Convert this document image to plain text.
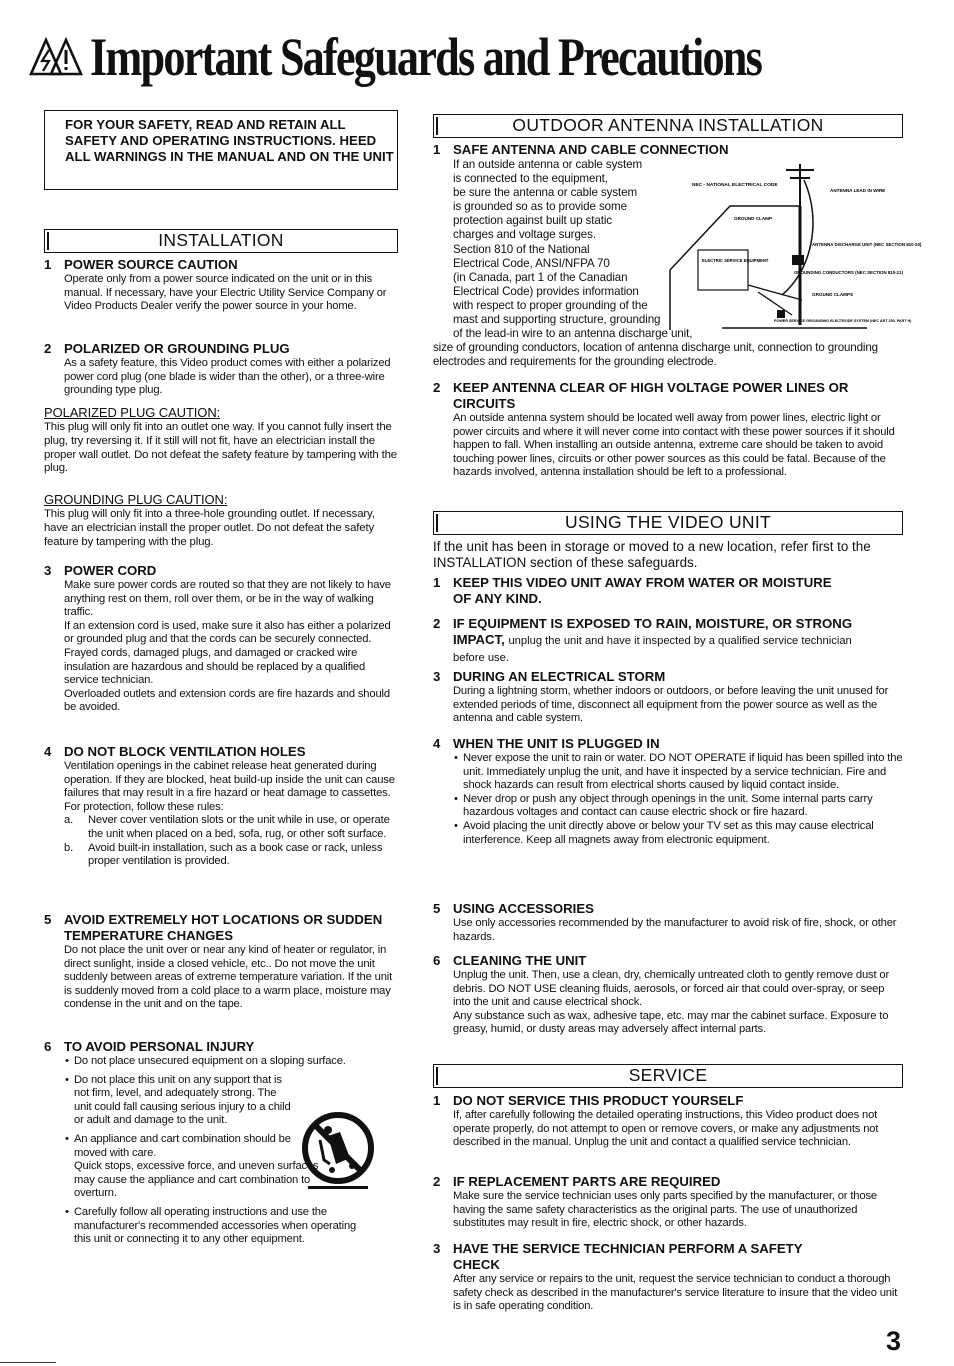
Important Safeguards and Precautions
FOR YOUR SAFETY, READ AND RETAIN ALL SAFETY AND OPERATING INSTRUCTIONS. HEED ALL WARNINGS IN THE MANUAL AND ON THE UNIT
INSTALLATION
1 POWER SOURCE CAUTION

Operate only from a power source indicated on the unit or in this manual. If necessary, have your Electric Utility Service Company or Video Products Dealer verify the power source in your home.

2 POLARIZED OR GROUNDING PLUG

As a safety feature, this Video product comes with either a polarized power cord plug (one blade is wider than the other), or a three-wire grounding type plug.

POLARIZED PLUG CAUTION:

This plug will only fit into an outlet one way. If you cannot fully insert the plug, try reversing it. If it still will not fit, have an electrician install the proper wall outlet. Do not defeat the safety feature by tampering with the plug.

GROUNDING PLUG CAUTION:

This plug will only fit into a three-hole grounding outlet. If necessary, have an electrician install the proper outlet. Do not defeat the safety feature by tampering with the plug.

3 POWER CORD

Make sure power cords are routed so that they are not likely to have anything rest on them, roll over them, or be in the way of walking traffic.

If an extension cord is used, make sure it also has either a polarized or grounded plug and that the cords can be securely connected.

Frayed cords, damaged plugs, and damaged or cracked wire insulation are hazardous and should be replaced by a qualified service technician.

Overloaded outlets and extension cords are fire hazards and should be avoided.

4 DO NOT BLOCK VENTILATION HOLES

Ventilation openings in the cabinet release heat generated during operation. If they are blocked, heat build-up inside the unit can cause failures that may result in a fire hazard or heat damage to cassettes.

For protection, follow these rules:

a. Never cover ventilation slots or the unit while in use, or operate the unit when placed on a bed, sofa, rug, or other soft surface.

b. Avoid built-in installation, such as a book case or rack, unless proper ventilation is provided.

5 AVOID EXTREMELY HOT LOCATIONS OR SUDDEN TEMPERATURE CHANGES

Do not place the unit over or near any kind of heater or regulator, in direct sunlight, inside a closed vehicle, etc.. Do not move the unit suddenly between areas of extreme temperature variation. If the unit is suddenly moved from a cold place to a warm place, moisture may condense in the unit and on the tape.

6 TO AVOID PERSONAL INJURY

• Do not place unsecured equipment on a sloping surface.

• Do not place this unit on any support that is not firm, level, and adequately strong. The unit could fall causing serious injury to a child or adult and damage to the unit.

• An appliance and cart combination should be moved with care.

Quick stops, excessive force, and uneven surfaces may cause the appliance and cart combination to overturn.

• Carefully follow all operating instructions and use the manufacturer's recommended accessories when operating this unit or connecting it to any other equipment.

OUTDOOR ANTENNA INSTALLATION
1 SAFE ANTENNA AND CABLE CONNECTION
If an outside antenna or cable system
is connected to the equipment,
be sure the antenna or cable system
is grounded so as to provide some
protection against built up static
charges and voltage surges.
Section 810 of the National
Electrical Code, ANSI/NFPA 70
(in Canada, part 1 of the Canadian
Electrical Code) provides information
with respect to proper grounding of the
mast and supporting structure, grounding
of the lead-in wire to an antenna discharge unit,

size of grounding conductors, location of antenna discharge unit, connection to grounding electrodes and requirements for the grounding electrode.

NEC - NATIONAL ELECTRICAL CODE
ANTENNA LEAD IN WIRE
GROUND CLAMP
ANTENNA DISCHARGE UNIT (NEC SECTION 810-20)
ELECTRIC SERVICE EQUIPMENT
GROUNDING CONDUCTORS (NEC SECTION 810-21)
GROUND CLAMPS
POWER SERVICE GROUNDING ELECTRODE SYSTEM (NEC ART 250, PART H)
2 KEEP ANTENNA CLEAR OF HIGH VOLTAGE POWER LINES OR CIRCUITS

An outside antenna system should be located well away from power lines, electric light or power circuits and where it will never come into contact with these power sources if it should happen to fall. When installing an outside antenna, extreme care should be taken to avoid touching power lines, circuits or other power sources as this could be fatal. Because of the hazards involved, antenna installation should be left to a professional.

USING THE VIDEO UNIT

If the unit has been in storage or moved to a new location, refer first to the INSTALLATION section of these safeguards.

1 KEEP THIS VIDEO UNIT AWAY FROM WATER OR MOISTURE OF ANY KIND.
2 IF EQUIPMENT IS EXPOSED TO RAIN, MOISTURE, OR STRONG IMPACT, unplug the unit and have it inspected by a qualified service technician before use.
3 DURING AN ELECTRICAL STORM

During a lightning storm, whether indoors or outdoors, or before leaving the unit unused for extended periods of time, disconnect all equipment from the power source as well as the antenna and cable system.

4 WHEN THE UNIT IS PLUGGED IN

• Never expose the unit to rain or water. DO NOT OPERATE if liquid has been spilled into the unit. Immediately unplug the unit, and have it inspected by a service technician. Fire and shock hazards can result from electrical shorts caused by liquid contact inside.

• Never drop or push any object through openings in the unit. Some internal parts carry hazardous voltages and contact can cause electric shock or fire hazard.

• Avoid placing the unit directly above or below your TV set as this may cause electrical interference. Keep all magnets away from electronic equipment.

5 USING ACCESSORIES

Use only accessories recommended by the manufacturer to avoid risk of fire, shock, or other hazards.

6 CLEANING THE UNIT

Unplug the unit. Then, use a clean, dry, chemically untreated cloth to gently remove dust or debris. DO NOT USE cleaning fluids, aerosols, or forced air that could over-spray, or seep into the unit and cause electrical shock.

Any substance such as wax, adhesive tape, etc. may mar the cabinet surface. Exposure to greasy, humid, or dusty areas may adversely affect internal parts.

SERVICE
1 DO NOT SERVICE THIS PRODUCT YOURSELF

If, after carefully following the detailed operating instructions, this Video product does not operate properly, do not attempt to open or remove covers, or make any adjustments not described in the manual. Unplug the unit and contact a qualified service technician.

2 IF REPLACEMENT PARTS ARE REQUIRED

Make sure the service technician uses only parts specified by the manufacturer, or those having the same safety characteristics as the original parts. The use of unauthorized substitutes may result in fire, electric shock, or other hazards.

3 HAVE THE SERVICE TECHNICIAN PERFORM A SAFETY CHECK

After any service or repairs to the unit, request the service technician to conduct a thorough safety check as described in the manufacturer's service literature to insure that the video unit is in safe operating condition.

3
